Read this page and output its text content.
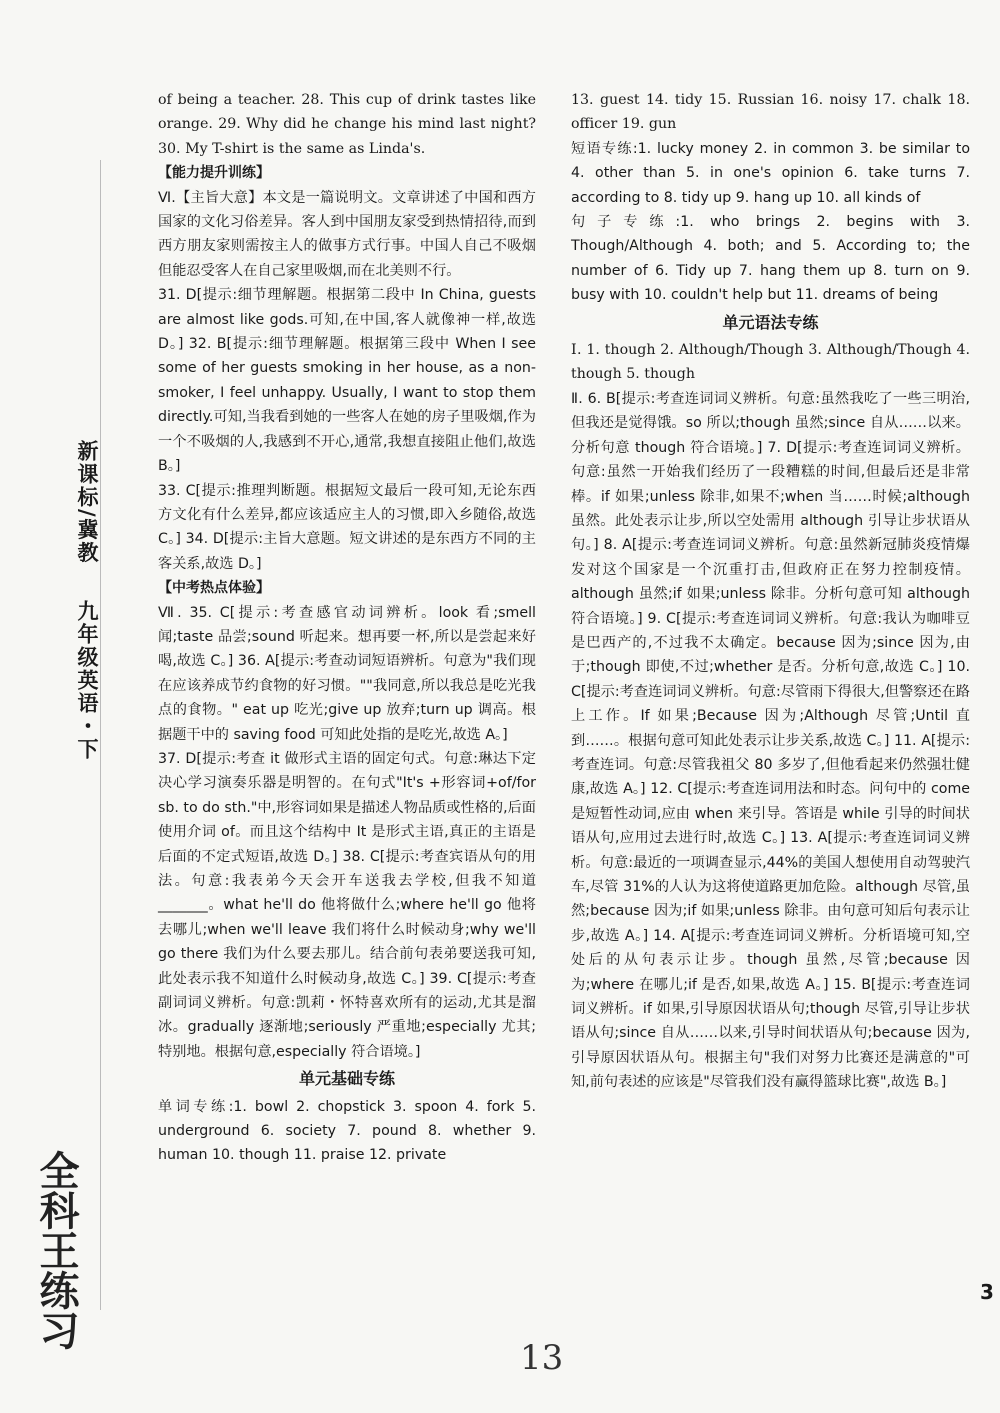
九年级英语・下
新课标/冀教
全科王练习

of being a teacher. 28. This cup of drink tastes like orange. 29. Why did he change his mind last night? 30. My T-shirt is the same as Linda's.

【能力提升训练】

Ⅵ.【主旨大意】本文是一篇说明文。文章讲述了中国和西方国家的文化习俗差异。客人到中国朋友家受到热情招待,而到西方朋友家则需按主人的做事方式行事。中国人自己不吸烟但能忍受客人在自己家里吸烟,而在北美则不行。

31. D[提示:细节理解题。根据第二段中 In China, guests are almost like gods.可知,在中国,客人就像神一样,故选 D。] 32. B[提示:细节理解题。根据第三段中 When I see some of her guests smoking in her house, as a non-smoker, I feel unhappy. Usually, I want to stop them directly.可知,当我看到她的一些客人在她的房子里吸烟,作为一个不吸烟的人,我感到不开心,通常,我想直接阻止他们,故选 B。]

33. C[提示:推理判断题。根据短文最后一段可知,无论东西方文化有什么差异,都应该适应主人的习惯,即入乡随俗,故选 C。] 34. D[提示:主旨大意题。短文讲述的是东西方不同的主客关系,故选 D。]

【中考热点体验】

Ⅶ. 35. C[提示:考查感官动词辨析。look 看;smell 闻;taste 品尝;sound 听起来。想再要一杯,所以是尝起来好喝,故选 C。] 36. A[提示:考查动词短语辨析。句意为"我们现在应该养成节约食物的好习惯。""我同意,所以我总是吃光我点的食物。" eat up 吃光;give up 放弃;turn up 调高。根据题干中的 saving food 可知此处指的是吃光,故选 A。]

37. D[提示:考查 it 做形式主语的固定句式。句意:琳达下定决心学习演奏乐器是明智的。在句式"It's +形容词+of/for sb. to do sth."中,形容词如果是描述人物品质或性格的,后面使用介词 of。而且这个结构中 It 是形式主语,真正的主语是后面的不定式短语,故选 D。] 38. C[提示:考查宾语从句的用法。句意:我表弟今天会开车送我去学校,但我不知道_______。what he'll do 他将做什么;where he'll go 他将去哪儿;when we'll leave 我们将什么时候动身;why we'll go there 我们为什么要去那儿。结合前句表弟要送我可知,此处表示我不知道什么时候动身,故选 C。] 39. C[提示:考查副词词义辨析。句意:凯莉・怀特喜欢所有的运动,尤其是溜冰。gradually 逐渐地;seriously 严重地;especially 尤其;特别地。根据句意,especially 符合语境。]

单元基础专练

单词专练:1. bowl 2. chopstick 3. spoon 4. fork 5. underground 6. society 7. pound 8. whether 9. human 10. though 11. praise 12. private

13. guest 14. tidy 15. Russian 16. noisy 17. chalk 18. officer 19. gun

短语专练:1. lucky money 2. in common 3. be similar to 4. other than 5. in one's opinion 6. take turns 7. according to 8. tidy up 9. hang up 10. all kinds of

句子专练:1. who brings 2. begins with 3. Though/Although 4. both; and 5. According to; the number of 6. Tidy up 7. hang them up 8. turn on 9. busy with 10. couldn't help but 11. dreams of being

单元语法专练

Ⅰ. 1. though 2. Although/Though 3. Although/Though 4. though 5. though

Ⅱ. 6. B[提示:考查连词词义辨析。句意:虽然我吃了一些三明治,但我还是觉得饿。so 所以;though 虽然;since 自从……以来。分析句意 though 符合语境。] 7. D[提示:考查连词词义辨析。句意:虽然一开始我们经历了一段糟糕的时间,但最后还是非常棒。if 如果;unless 除非,如果不;when 当……时候;although 虽然。此处表示让步,所以空处需用 although 引导让步状语从句。] 8. A[提示:考查连词词义辨析。句意:虽然新冠肺炎疫情爆发对这个国家是一个沉重打击,但政府正在努力控制疫情。although 虽然;if 如果;unless 除非。分析句意可知 although 符合语境。] 9. C[提示:考查连词词义辨析。句意:我认为咖啡豆是巴西产的,不过我不太确定。because 因为;since 因为,由于;though 即使,不过;whether 是否。分析句意,故选 C。] 10. C[提示:考查连词词义辨析。句意:尽管雨下得很大,但警察还在路上工作。If 如果;Because 因为;Although 尽管;Until 直到……。根据句意可知此处表示让步关系,故选 C。] 11. A[提示:考查连词。句意:尽管我祖父 80 多岁了,但他看起来仍然强壮健康,故选 A。] 12. C[提示:考查连词用法和时态。问句中的 come 是短暂性动词,应由 when 来引导。答语是 while 引导的时间状语从句,应用过去进行时,故选 C。] 13. A[提示:考查连词词义辨析。句意:最近的一项调查显示,44%的美国人想使用自动驾驶汽车,尽管 31%的人认为这将使道路更加危险。although 尽管,虽然;because 因为;if 如果;unless 除非。由句意可知后句表示让步,故选 A。] 14. A[提示:考查连词词义辨析。分析语境可知,空处后的从句表示让步。though 虽然,尽管;because 因为;where 在哪儿;if 是否,如果,故选 A。] 15. B[提示:考查连词词义辨析。if 如果,引导原因状语从句;though 尽管,引导让步状语从句;since 自从……以来,引导时间状语从句;because 因为,引导原因状语从句。根据主句"我们对努力比赛还是满意的"可知,前句表述的应该是"尽管我们没有赢得篮球比赛",故选 B。]

3
13
